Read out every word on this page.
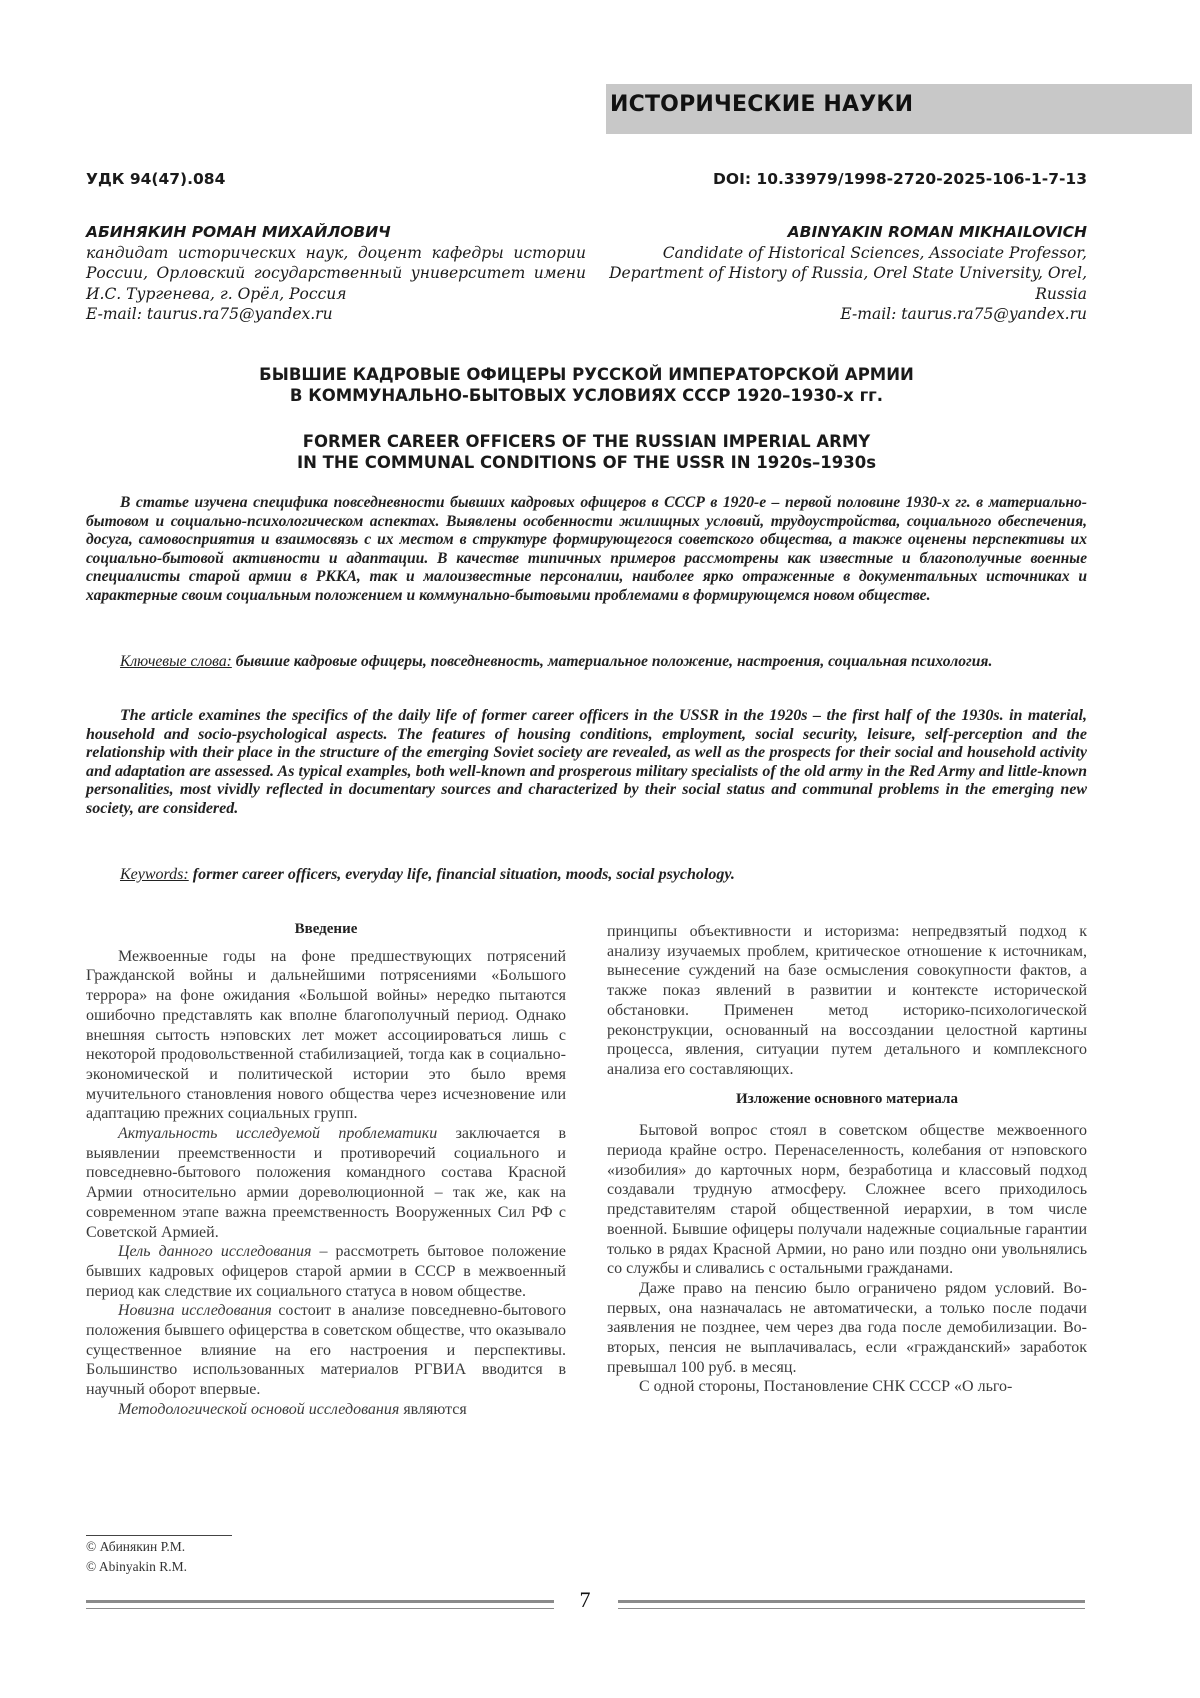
ИСТОРИЧЕСКИЕ НАУКИ
УДК 94(47).084	DOI: 10.33979/1998-2720-2025-106-1-7-13
АБИНЯКИН РОМАН МИХАЙЛОВИЧ
кандидат исторических наук, доцент кафедры истории России, Орловский государственный университет имени И.С. Тургенева, г. Орёл, Россия
E-mail: taurus.ra75@yandex.ru
ABINYAKIN ROMAN MIKHAILOVICH
Candidate of Historical Sciences, Associate Professor, Department of History of Russia, Orel State University, Orel, Russia
E-mail: taurus.ra75@yandex.ru
БЫВШИЕ КАДРОВЫЕ ОФИЦЕРЫ РУССКОЙ ИМПЕРАТОРСКОЙ АРМИИ
В КОММУНАЛЬНО-БЫТОВЫХ УСЛОВИЯХ СССР 1920–1930-х гг.
FORMER CAREER OFFICERS OF THE RUSSIAN IMPERIAL ARMY
IN THE COMMUNAL CONDITIONS OF THE USSR IN 1920s–1930s
В статье изучена специфика повседневности бывших кадровых офицеров в СССР в 1920-е – первой половине 1930-х гг. в материально-бытовом и социально-психологическом аспектах. Выявлены особенности жилищных условий, трудоустройства, социального обеспечения, досуга, самовосприятия и взаимосвязь с их местом в структуре формирующегося советского общества, а также оценены перспективы их социально-бытовой активности и адаптации. В качестве типичных примеров рассмотрены как известные и благополучные военные специалисты старой армии в РККА, так и малоизвестные персоналии, наиболее ярко отраженные в документальных источниках и характерные своим социальным положением и коммунально-бытовыми проблемами в формирующемся новом обществе.
Ключевые слова: бывшие кадровые офицеры, повседневность, материальное положение, настроения, социальная психология.
The article examines the specifics of the daily life of former career officers in the USSR in the 1920s – the first half of the 1930s. in material, household and socio-psychological aspects. The features of housing conditions, employment, social security, leisure, self-perception and the relationship with their place in the structure of the emerging Soviet society are revealed, as well as the prospects for their social and household activity and adaptation are assessed. As typical examples, both well-known and prosperous military specialists of the old army in the Red Army and little-known personalities, most vividly reflected in documentary sources and characterized by their social status and communal problems in the emerging new society, are considered.
Keywords: former career officers, everyday life, financial situation, moods, social psychology.
Введение

Межвоенные годы на фоне предшествующих потрясений Гражданской войны и дальнейшими потрясениями «Большого террора» на фоне ожидания «Большой войны» нередко пытаются ошибочно представлять как вполне благополучный период. Однако внешняя сытость нэповских лет может ассоциироваться лишь с некоторой продовольственной стабилизацией, тогда как в социально-экономической и политической истории это было время мучительного становления нового общества через исчезновение или адаптацию прежних социальных групп.

Актуальность исследуемой проблематики заключается в выявлении преемственности и противоречий социального и повседневно-бытового положения командного состава Красной Армии относительно армии дореволюционной – так же, как на современном этапе важна преемственность Вооруженных Сил РФ с Советской Армией.

Цель данного исследования – рассмотреть бытовое положение бывших кадровых офицеров старой армии в СССР в межвоенный период как следствие их социального статуса в новом обществе.

Новизна исследования состоит в анализе повседневно-бытового положения бывшего офицерства в советском обществе, что оказывало существенное влияние на его настроения и перспективы. Большинство использованных материалов РГВИА вводится в научный оборот впервые.

Методологической основой исследования являются

принципы объективности и историзма: непредвзятый подход к анализу изучаемых проблем, критическое отношение к источникам, вынесение суждений на базе осмысления совокупности фактов, а также показ явлений в развитии и контексте исторической обстановки. Применен метод историко-психологической реконструкции, основанный на воссоздании целостной картины процесса, явления, ситуации путем детального и комплексного анализа его составляющих.

Изложение основного материала

Бытовой вопрос стоял в советском обществе межвоенного периода крайне остро. Перенаселенность, колебания от нэповского «изобилия» до карточных норм, безработица и классовый подход создавали трудную атмосферу. Сложнее всего приходилось представителям старой общественной иерархии, в том числе военной. Бывшие офицеры получали надежные социальные гарантии только в рядах Красной Армии, но рано или поздно они увольнялись со службы и сливались с остальными гражданами.

Даже право на пенсию было ограничено рядом условий. Во-первых, она назначалась не автоматически, а только после подачи заявления не позднее, чем через два года после демобилизации. Во-вторых, пенсия не выплачивалась, если «гражданский» заработок превышал 100 руб. в месяц.

С одной стороны, Постановление СНК СССР «О льго-

© Абинякин Р.М.
© Abinyakin R.M.
7
